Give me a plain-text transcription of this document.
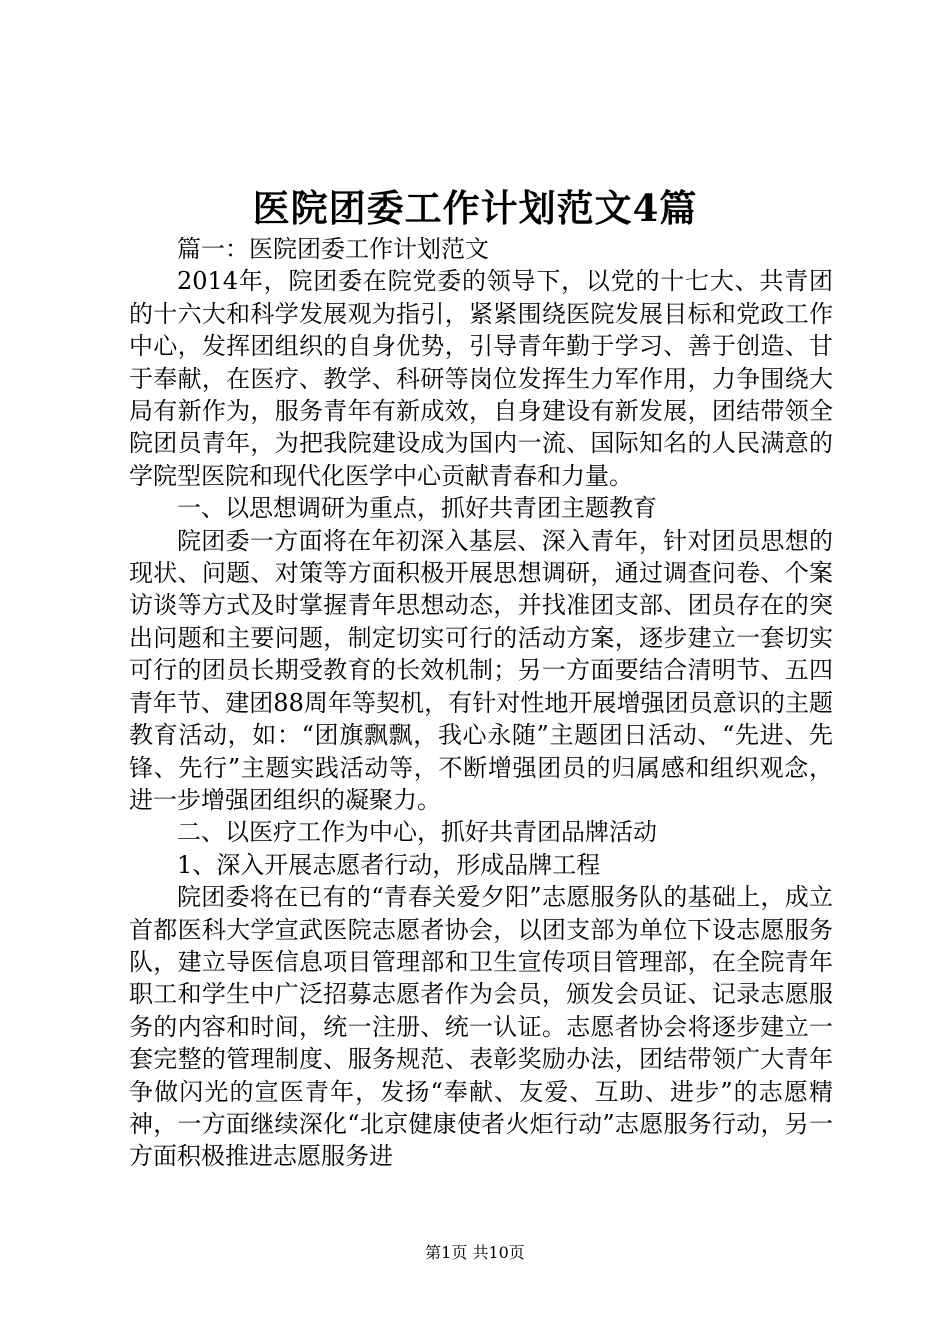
医院团委工作计划范文4篇

篇一：医院团委工作计划范文

2014年，院团委在院党委的领导下，以党的十七大、共青团的十六大和科学发展观为指引，紧紧围绕医院发展目标和党政工作中心，发挥团组织的自身优势，引导青年勤于学习、善于创造、甘于奉献，在医疗、教学、科研等岗位发挥生力军作用，力争围绕大局有新作为，服务青年有新成效，自身建设有新发展，团结带领全院团员青年，为把我院建设成为国内一流、国际知名的人民满意的学院型医院和现代化医学中心贡献青春和力量。

一、以思想调研为重点，抓好共青团主题教育

院团委一方面将在年初深入基层、深入青年，针对团员思想的现状、问题、对策等方面积极开展思想调研，通过调查问卷、个案访谈等方式及时掌握青年思想动态，并找准团支部、团员存在的突出问题和主要问题，制定切实可行的活动方案，逐步建立一套切实可行的团员长期受教育的长效机制；另一方面要结合清明节、五四青年节、建团88周年等契机，有针对性地开展增强团员意识的主题教育活动，如：“团旗飘飘，我心永随”主题团日活动、“先进、先锋、先行”主题实践活动等，不断增强团员的归属感和组织观念，进一步增强团组织的凝聚力。

二、以医疗工作为中心，抓好共青团品牌活动

1、深入开展志愿者行动，形成品牌工程

院团委将在已有的“青春关爱夕阳”志愿服务队的基础上，成立首都医科大学宣武医院志愿者协会，以团支部为单位下设志愿服务队，建立导医信息项目管理部和卫生宣传项目管理部，在全院青年职工和学生中广泛招募志愿者作为会员，颁发会员证、记录志愿服务的内容和时间，统一注册、统一认证。志愿者协会将逐步建立一套完整的管理制度、服务规范、表彰奖励办法，团结带领广大青年争做闪光的宣医青年，发扬“奉献、友爱、互助、进步”的志愿精神，一方面继续深化“北京健康使者火炬行动”志愿服务行动，另一方面积极推进志愿服务进

第1页 共10页
